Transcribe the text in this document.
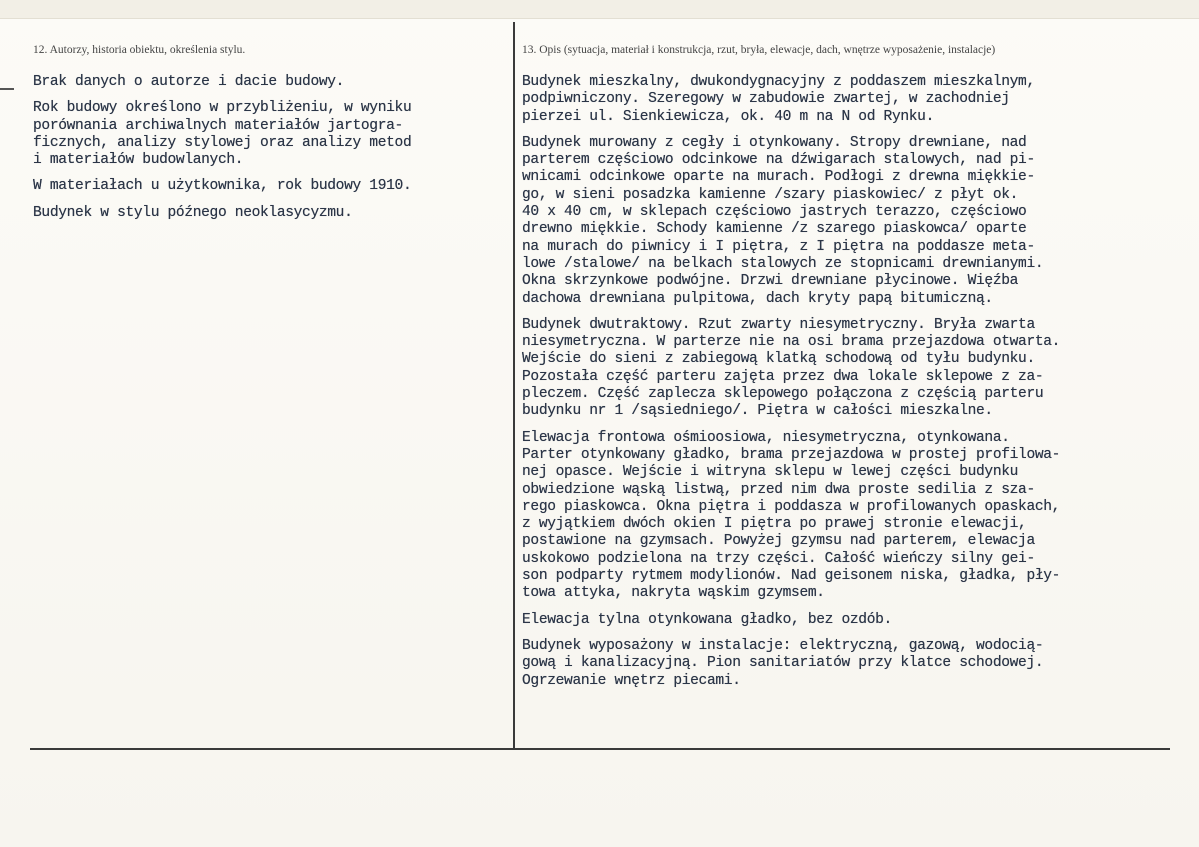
12. Autorzy, historia obiektu, określenia stylu.	13. Opis (sytuacja, materiał i konstrukcja, rzut, bryła, elewacje, dach, wnętrze wyposażenie, instalacje)

Brak danych o autorze i dacie budowy.

Rok budowy określono w przybliżeniu, w wyniku
porównania archiwalnych materiałów jartogra-
ficznych, analizy stylowej oraz analizy metod
i materiałów budowlanych.

W materiałach u użytkownika, rok budowy 1910.

Budynek w stylu późnego neoklasycyzmu.

Budynek mieszkalny, dwukondygnacyjny z poddaszem mieszkalnym,
podpiwniczony. Szeregowy w zabudowie zwartej, w zachodniej
pierzei ul. Sienkiewicza, ok. 40 m na N od Rynku.

Budynek murowany z cegły i otynkowany. Stropy drewniane, nad
parterem częściowo odcinkowe na dźwigarach stalowych, nad pi-
wnicami odcinkowe oparte na murach. Podłogi z drewna miękkie-
go, w sieni posadzka kamienne /szary piaskowiec/ z płyt ok.
40 x 40 cm, w sklepach częściowo jastrych terazzo, częściowo
drewno miękkie. Schody kamienne /z szarego piaskowca/ oparte
na murach do piwnicy i I piętra, z I piętra na poddasze meta-
lowe /stalowe/ na belkach stalowych ze stopnicami drewnianymi.
Okna skrzynkowe podwójne. Drzwi drewniane płycinowe. Więźba
dachowa drewniana pulpitowa, dach kryty papą bitumiczną.

Budynek dwutraktowy. Rzut zwarty niesymetryczny. Bryła zwarta
niesymetryczna. W parterze nie na osi brama przejazdowa otwarta.
Wejście do sieni z zabiegową klatką schodową od tyłu budynku.
Pozostała część parteru zajęta przez dwa lokale sklepowe z za-
pleczem. Część zaplecza sklepowego połączona z częścią parteru
budynku nr 1 /sąsiedniego/. Piętra w całości mieszkalne.

Elewacja frontowa ośmioosiowa, niesymetryczna, otynkowana.
Parter otynkowany gładko, brama przejazdowa w prostej profilowa-
nej opasce. Wejście i witryna sklepu w lewej części budynku
obwiedzione wąską listwą, przed nim dwa proste sedilia z sza-
rego piaskowca. Okna piętra i poddasza w profilowanych opaskach,
z wyjątkiem dwóch okien I piętra po prawej stronie elewacji,
postawione na gzymsach. Powyżej gzymsu nad parterem, elewacja
uskokowo podzielona na trzy części. Całość wieńczy silny gei-
son podparty rytmem modylionów. Nad geisonem niska, gładka, pły-
towa attyka, nakryta wąskim gzymsem.

Elewacja tylna otynkowana gładko, bez ozdób.

Budynek wyposażony w instalacje: elektryczną, gazową, wodocią-
gową i kanalizacyjną. Pion sanitariatów przy klatce schodowej.
Ogrzewanie wnętrz piecami.
